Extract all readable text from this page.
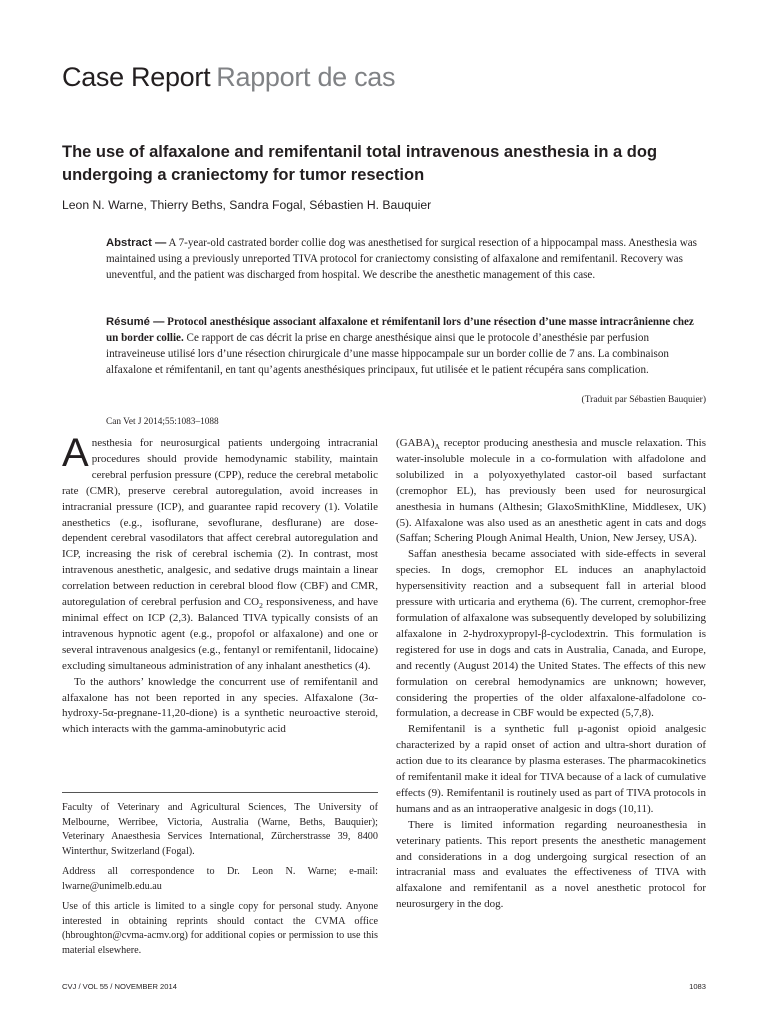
Case Report Rapport de cas
The use of alfaxalone and remifentanil total intravenous anesthesia in a dog undergoing a craniectomy for tumor resection
Leon N. Warne, Thierry Beths, Sandra Fogal, Sébastien H. Bauquier
Abstract — A 7-year-old castrated border collie dog was anesthetised for surgical resection of a hippocampal mass. Anesthesia was maintained using a previously unreported TIVA protocol for craniectomy consisting of alfaxalone and remifentanil. Recovery was uneventful, and the patient was discharged from hospital. We describe the anesthetic management of this case.
Résumé — Protocol anesthésique associant alfaxalone et rémifentanil lors d’une résection d’une masse intracrânienne chez un border collie. Ce rapport de cas décrit la prise en charge anesthésique ainsi que le protocole d’anesthésie par perfusion intraveineuse utilisé lors d’une résection chirurgicale d’une masse hippocampale sur un border collie de 7 ans. La combinaison alfaxalone et rémifentanil, en tant qu’agents anesthésiques principaux, fut utilisée et le patient récupéra sans complication.
(Traduit par Sébastien Bauquier)
Can Vet J 2014;55:1083–1088

Anesthesia for neurosurgical patients undergoing intracranial procedures should provide hemodynamic stability, maintain cerebral perfusion pressure (CPP), reduce the cerebral metabolic rate (CMR), preserve cerebral autoregulation, avoid increases in intracranial pressure (ICP), and guarantee rapid recovery (1). Volatile anesthetics (e.g., isoflurane, sevoflurane, desflurane) are dose-dependent cerebral vasodilators that affect cerebral autoregulation and ICP, increasing the risk of cerebral ischemia (2). In contrast, most intravenous anesthetic, analgesic, and sedative drugs maintain a linear correlation between reduction in cerebral blood flow (CBF) and CMR, autoregulation of cerebral perfusion and $CO_2$ responsiveness, and have minimal effect on ICP (2,3). Balanced TIVA typically consists of an intravenous hypnotic agent (e.g., propofol or alfaxalone) and one or several intravenous analgesics (e.g., fentanyl or remifentanil, lidocaine) excluding simultaneous administration of any inhalant anesthetics (4).

To the authors’ knowledge the concurrent use of remifentanil and alfaxalone has not been reported in any species. Alfaxalone (3α-hydroxy-5α-pregnane-11,20-dione) is a synthetic neuroactive steroid, which interacts with the gamma-aminobutyric acid

$(GABA)_A$ receptor producing anesthesia and muscle relaxation. This water-insoluble molecule in a co-formulation with alfadolone and solubilized in a polyoxyethylated castor-oil based surfactant (cremophor EL), has previously been used for neurosurgical anesthesia in humans (Althesin; GlaxoSmithKline, Middlesex, UK) (5). Alfaxalone was also used as an anesthetic agent in cats and dogs (Saffan; Schering Plough Animal Health, Union, New Jersey, USA).

Saffan anesthesia became associated with side-effects in several species. In dogs, cremophor EL induces an anaphylactoid hypersensitivity reaction and a subsequent fall in arterial blood pressure with urticaria and erythema (6). The current, cremophor-free formulation of alfaxalone was subsequently developed by solubilizing alfaxalone in 2-hydroxypropyl-β-cyclodextrin. This formulation is registered for use in dogs and cats in Australia, Canada, and Europe, and recently (August 2014) the United States. The effects of this new formulation on cerebral hemodynamics are unknown; however, considering the properties of the older alfaxalone-alfadolone co-formulation, a decrease in CBF would be expected (5,7,8).

Remifentanil is a synthetic full μ-agonist opioid analgesic characterized by a rapid onset of action and ultra-short duration of action due to its clearance by plasma esterases. The pharmacokinetics of remifentanil make it ideal for TIVA because of a lack of cumulative effects (9). Remifentanil is routinely used as part of TIVA protocols in humans and as an intraoperative analgesic in dogs (10,11).

There is limited information regarding neuroanesthesia in veterinary patients. This report presents the anesthetic management and considerations in a dog undergoing surgical resection of an intracranial mass and evaluates the effectiveness of TIVA with alfaxalone and remifentanil as a novel anesthetic protocol for neurosurgery in the dog.

Faculty of Veterinary and Agricultural Sciences, The University of Melbourne, Werribee, Victoria, Australia (Warne, Beths, Bauquier); Veterinary Anaesthesia Services International, Zürcherstrasse 39, 8400 Winterthur, Switzerland (Fogal).

Address all correspondence to Dr. Leon N. Warne; e-mail: lwarne@unimelb.edu.au

Use of this article is limited to a single copy for personal study. Anyone interested in obtaining reprints should contact the CVMA office (hbroughton@cvma-acmv.org) for additional copies or permission to use this material elsewhere.

CVJ / VOL 55 / NOVEMBER 2014	1083
